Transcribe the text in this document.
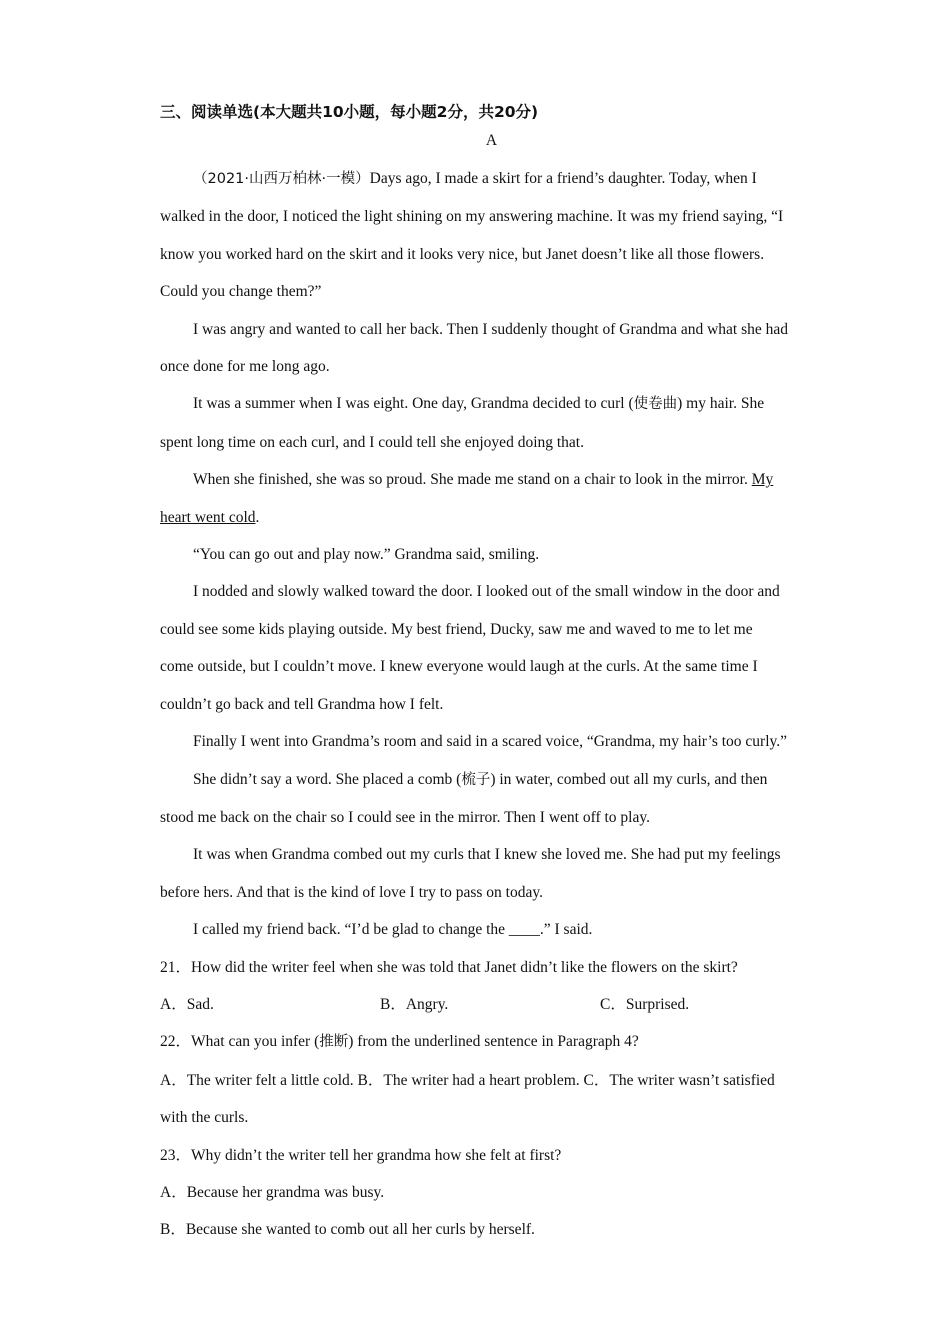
三、阅读单选(本大题共10小题，每小题2分，共20分)
A

（2021·山西万柏林·一模）Days ago, I made a skirt for a friend’s daughter. Today, when I walked in the door, I noticed the light shining on my answering machine. It was my friend saying, “I know you worked hard on the skirt and it looks very nice, but Janet doesn’t like all those flowers. Could you change them?”

I was angry and wanted to call her back. Then I suddenly thought of Grandma and what she had once done for me long ago.

It was a summer when I was eight. One day, Grandma decided to curl (使卷曲) my hair. She spent long time on each curl, and I could tell she enjoyed doing that.

When she finished, she was so proud. She made me stand on a chair to look in the mirror. My heart went cold.

“You can go out and play now.” Grandma said, smiling.

I nodded and slowly walked toward the door. I looked out of the small window in the door and could see some kids playing outside. My best friend, Ducky, saw me and waved to me to let me come outside, but I couldn’t move. I knew everyone would laugh at the curls. At the same time I couldn’t go back and tell Grandma how I felt.

Finally I went into Grandma’s room and said in a scared voice, “Grandma, my hair’s too curly.”

She didn’t say a word. She placed a comb (梳子) in water, combed out all my curls, and then stood me back on the chair so I could see in the mirror. Then I went off to play.

It was when Grandma combed out my curls that I knew she loved me. She had put my feelings before hers. And that is the kind of love I try to pass on today.

I called my friend back. “I’d be glad to change the ____.” I said.

21．How did the writer feel when she was told that Janet didn’t like the flowers on the skirt?

A．Sad.	B．Angry.	C．Surprised.

22．What can you infer (推断) from the underlined sentence in Paragraph 4?

A．The writer felt a little cold. B．The writer had a heart problem. C．The writer wasn’t satisfied with the curls.

23．Why didn’t the writer tell her grandma how she felt at first?

A．Because her grandma was busy.

B．Because she wanted to comb out all her curls by herself.
